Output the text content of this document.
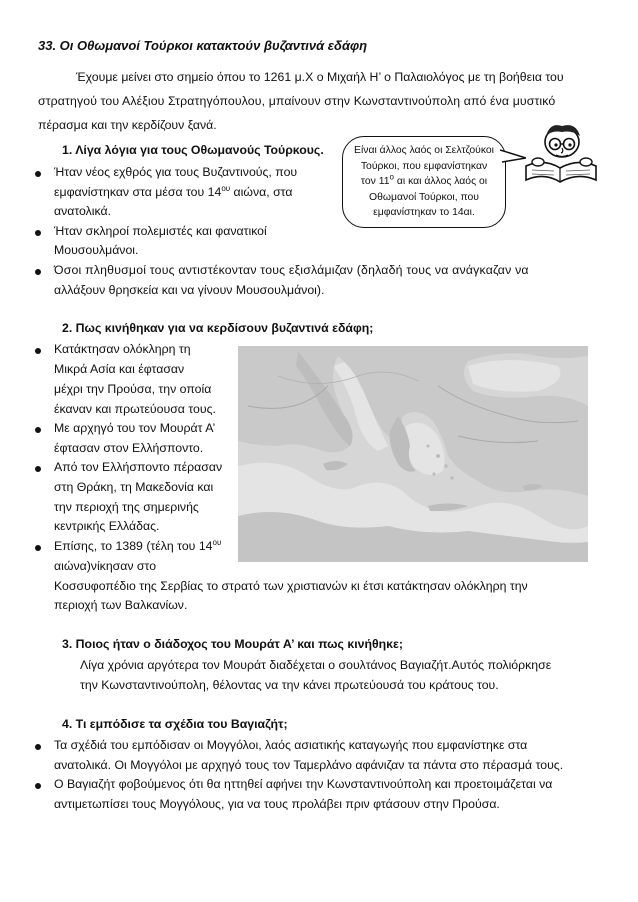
33. Οι Οθωμανοί Τούρκοι κατακτούν βυζαντινά εδάφη
Έχουμε μείνει στο σημείο όπου το 1261 μ.Χ ο Μιχαήλ Η’ ο Παλαιολόγος με τη βοήθεια του
στρατηγού του Αλέξιου Στρατηγόπουλου, μπαίνουν στην Κωνσταντινούπολη από ένα μυστικό
πέρασμα και την κερδίζουν ξανά.
Είναι άλλος λαός οι Σελτζούκοι
Τούρκοι, που εμφανίστηκαν
τον $11^o$ αι και άλλος λαός οι
Οθωμανοί Τούρκοι, που
εμφανίστηκαν το 14αι.
1. Λίγα λόγια για τους Οθωμανούς Τούρκους.
Ήταν νέος εχθρός για τους Βυζαντινούς, που
εμφανίστηκαν στα μέσα του $14^{o\upsilon}$ αιώνα, στα
ανατολικά.
Ήταν σκληροί πολεμιστές και φανατικοί
Μουσουλμάνοι.
Όσοι πληθυσμοί τους αντιστέκονταν τους εξισλάμιζαν (δηλαδή τους να ανάγκαζαν να
αλλάξουν θρησκεία και να γίνουν Μουσουλμάνοι).
2. Πως κινήθηκαν για να κερδίσουν βυζαντινά εδάφη;
Κατάκτησαν ολόκληρη τη
Μικρά Ασία και έφτασαν
μέχρι την Προύσα, την οποία
έκαναν και πρωτεύουσα τους.
Με αρχηγό του τον Μουράτ Α’
έφτασαν στον Ελλήσποντο.
Από τον Ελλήσποντο πέρασαν
στη Θράκη, τη Μακεδονία και
την περιοχή της σημερινής
κεντρικής Ελλάδας.
Επίσης, το 1389 (τέλη του $14^{o\upsilon}$
αιώνα)νίκησαν στο
Κοσσυφοπέδιο της Σερβίας το στρατό των χριστιανών κι έτσι κατάκτησαν ολόκληρη την
περιοχή των Βαλκανίων.
3. Ποιος ήταν ο διάδοχος του Μουράτ Α’ και πως κινήθηκε;
Λίγα χρόνια αργότερα τον Μουράτ διαδέχεται ο σουλτάνος Βαγιαζήτ.Αυτός πολιόρκησε
την Κωνσταντινούπολη, θέλοντας να την κάνει πρωτεύουσά του κράτους του.
4. Τι εμπόδισε τα σχέδια του Βαγιαζήτ;
Τα σχέδιά του εμπόδισαν οι Μογγόλοι, λαός ασιατικής καταγωγής που εμφανίστηκε στα
ανατολικά. Οι Μογγόλοι με αρχηγό τους τον Ταμερλάνο αφάνιζαν τα πάντα στο πέρασμά τους.
Ο Βαγιαζήτ φοβούμενος ότι θα ηττηθεί αφήνει την Κωνσταντινούπολη και προετοιμάζεται να
αντιμετωπίσει τους Μογγόλους, για να τους προλάβει πριν φτάσουν στην Προύσα.
